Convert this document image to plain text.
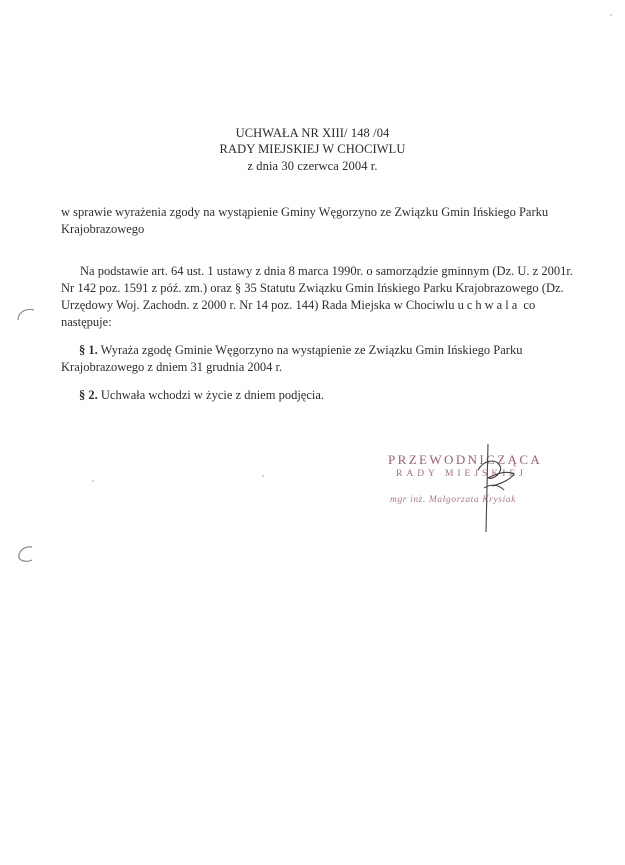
UCHWAŁA NR XIII/ 148 /04
RADY MIEJSKIEJ W CHOCIWLU
z dnia 30 czerwca 2004 r.
w sprawie wyrażenia zgody na wystąpienie Gminy Węgorzyno ze Związku Gmin Ińskiego Parku Krajobrazowego
Na podstawie art. 64 ust. 1 ustawy z dnia 8 marca 1990r. o samorządzie gminnym (Dz. U. z 2001r. Nr 142 poz. 1591 z póź. zm.) oraz § 35 Statutu Związku Gmin Ińskiego Parku Krajobrazowego (Dz. Urzędowy Woj. Zachodn. z 2000 r. Nr 14 poz. 144) Rada Miejska w Chociwlu uchwala co następuje:
§ 1. Wyraża zgodę Gminie Węgorzyno na wystąpienie ze Związku Gmin Ińskiego Parku Krajobrazowego z dniem 31 grudnia 2004 r.
§ 2. Uchwała wchodzi w życie z dniem podjęcia.
PRZEWODNICZĄCA
RADY MIEJSKIEJ
mgr inż. Małgorzata Krysiak
